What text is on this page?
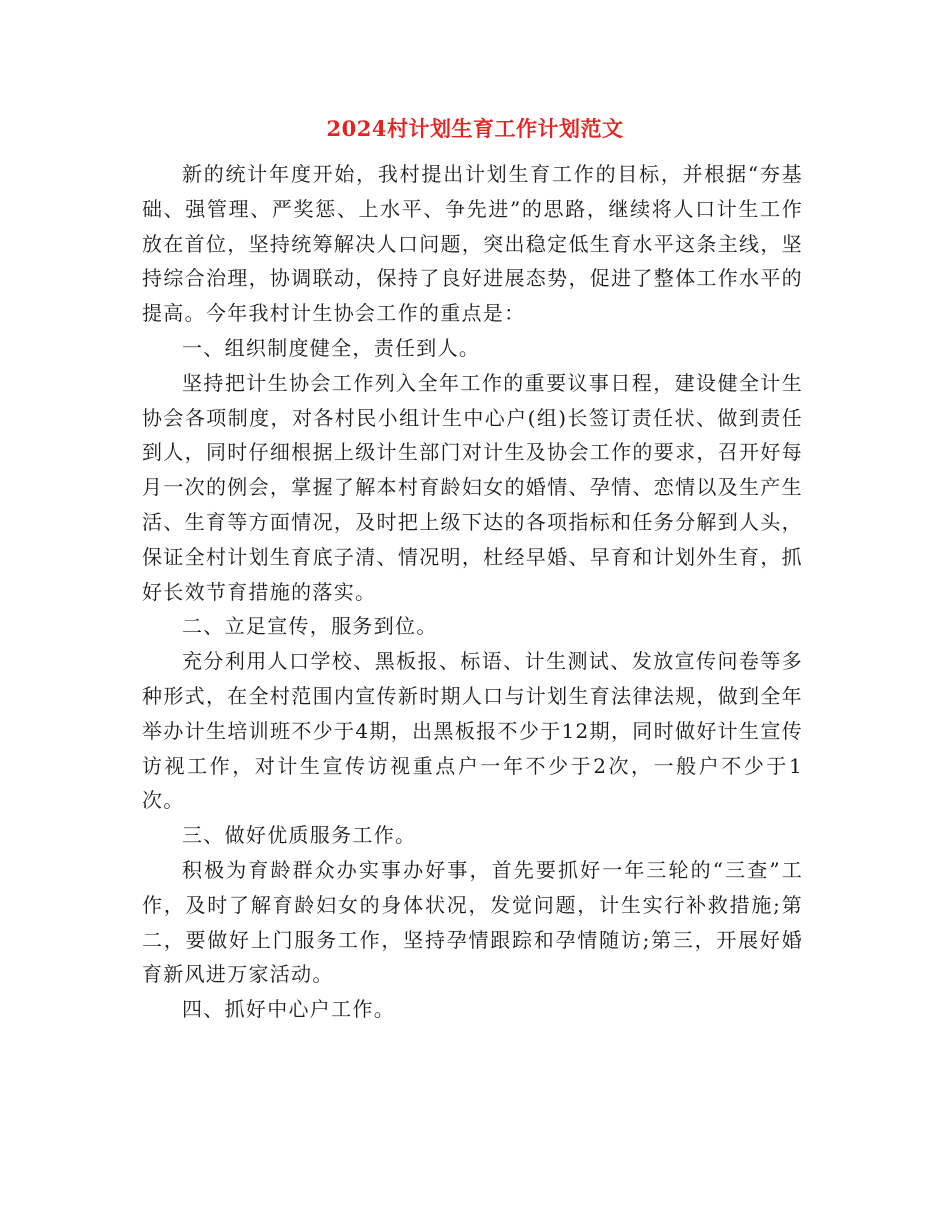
2024村计划生育工作计划范文

新的统计年度开始，我村提出计划生育工作的目标，并根据“夯基础、强管理、严奖惩、上水平、争先进”的思路，继续将人口计生工作放在首位，坚持统筹解决人口问题，突出稳定低生育水平这条主线，坚持综合治理，协调联动，保持了良好进展态势，促进了整体工作水平的提高。今年我村计生协会工作的重点是：

一、组织制度健全，责任到人。

坚持把计生协会工作列入全年工作的重要议事日程，建设健全计生协会各项制度，对各村民小组计生中心户(组)长签订责任状、做到责任到人，同时仔细根据上级计生部门对计生及协会工作的要求，召开好每月一次的例会，掌握了解本村育龄妇女的婚情、孕情、恋情以及生产生活、生育等方面情况，及时把上级下达的各项指标和任务分解到人头，保证全村计划生育底子清、情况明，杜经早婚、早育和计划外生育，抓好长效节育措施的落实。

二、立足宣传，服务到位。

充分利用人口学校、黑板报、标语、计生测试、发放宣传问卷等多种形式，在全村范围内宣传新时期人口与计划生育法律法规，做到全年举办计生培训班不少于4期，出黑板报不少于12期，同时做好计生宣传访视工作，对计生宣传访视重点户一年不少于2次，一般户不少于1次。

三、做好优质服务工作。

积极为育龄群众办实事办好事，首先要抓好一年三轮的“三查”工作，及时了解育龄妇女的身体状况，发觉问题，计生实行补救措施;第二，要做好上门服务工作，坚持孕情跟踪和孕情随访;第三，开展好婚育新风进万家活动。

四、抓好中心户工作。
